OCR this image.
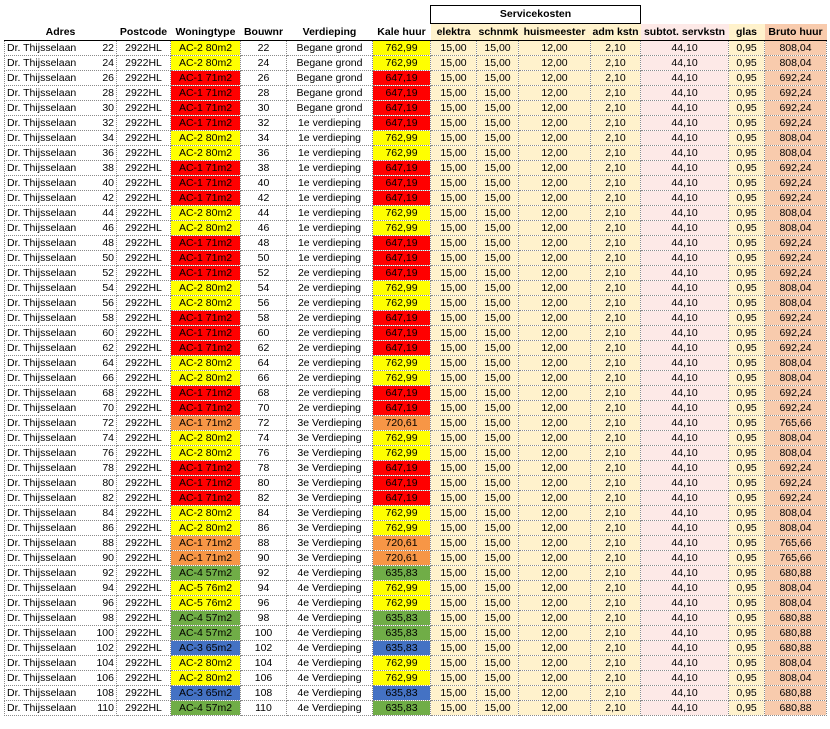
						Servicekosten						
Adres	Postcode	Woningtype	Bouwnr	Verdieping	Kale huur	elektra	schnmk	huismeester	adm kstn	subtot. servkstn	glas	Bruto huur
Dr. Thijsselaan 22	2922HL	AC-2 80m2	22	Begane grond	762,99	15,00	15,00	12,00	2,10	44,10	0,95	808,04
Dr. Thijsselaan 24	2922HL	AC-2 80m2	24	Begane grond	762,99	15,00	15,00	12,00	2,10	44,10	0,95	808,04
Dr. Thijsselaan 26	2922HL	AC-1 71m2	26	Begane grond	647,19	15,00	15,00	12,00	2,10	44,10	0,95	692,24
Dr. Thijsselaan 28	2922HL	AC-1 71m2	28	Begane grond	647,19	15,00	15,00	12,00	2,10	44,10	0,95	692,24
Dr. Thijsselaan 30	2922HL	AC-1 71m2	30	Begane grond	647,19	15,00	15,00	12,00	2,10	44,10	0,95	692,24
Dr. Thijsselaan 32	2922HL	AC-1 71m2	32	1e verdieping	647,19	15,00	15,00	12,00	2,10	44,10	0,95	692,24
Dr. Thijsselaan 34	2922HL	AC-2 80m2	34	1e verdieping	762,99	15,00	15,00	12,00	2,10	44,10	0,95	808,04
Dr. Thijsselaan 36	2922HL	AC-2 80m2	36	1e verdieping	762,99	15,00	15,00	12,00	2,10	44,10	0,95	808,04
Dr. Thijsselaan 38	2922HL	AC-1 71m2	38	1e verdieping	647,19	15,00	15,00	12,00	2,10	44,10	0,95	692,24
Dr. Thijsselaan 40	2922HL	AC-1 71m2	40	1e verdieping	647,19	15,00	15,00	12,00	2,10	44,10	0,95	692,24
Dr. Thijsselaan 42	2922HL	AC-1 71m2	42	1e verdieping	647,19	15,00	15,00	12,00	2,10	44,10	0,95	692,24
Dr. Thijsselaan 44	2922HL	AC-2 80m2	44	1e verdieping	762,99	15,00	15,00	12,00	2,10	44,10	0,95	808,04
Dr. Thijsselaan 46	2922HL	AC-2 80m2	46	1e verdieping	762,99	15,00	15,00	12,00	2,10	44,10	0,95	808,04
Dr. Thijsselaan 48	2922HL	AC-1 71m2	48	1e verdieping	647,19	15,00	15,00	12,00	2,10	44,10	0,95	692,24
Dr. Thijsselaan 50	2922HL	AC-1 71m2	50	1e verdieping	647,19	15,00	15,00	12,00	2,10	44,10	0,95	692,24
Dr. Thijsselaan 52	2922HL	AC-1 71m2	52	2e verdieping	647,19	15,00	15,00	12,00	2,10	44,10	0,95	692,24
Dr. Thijsselaan 54	2922HL	AC-2 80m2	54	2e verdieping	762,99	15,00	15,00	12,00	2,10	44,10	0,95	808,04
Dr. Thijsselaan 56	2922HL	AC-2 80m2	56	2e verdieping	762,99	15,00	15,00	12,00	2,10	44,10	0,95	808,04
Dr. Thijsselaan 58	2922HL	AC-1 71m2	58	2e verdieping	647,19	15,00	15,00	12,00	2,10	44,10	0,95	692,24
Dr. Thijsselaan 60	2922HL	AC-1 71m2	60	2e verdieping	647,19	15,00	15,00	12,00	2,10	44,10	0,95	692,24
Dr. Thijsselaan 62	2922HL	AC-1 71m2	62	2e verdieping	647,19	15,00	15,00	12,00	2,10	44,10	0,95	692,24
Dr. Thijsselaan 64	2922HL	AC-2 80m2	64	2e verdieping	762,99	15,00	15,00	12,00	2,10	44,10	0,95	808,04
Dr. Thijsselaan 66	2922HL	AC-2 80m2	66	2e verdieping	762,99	15,00	15,00	12,00	2,10	44,10	0,95	808,04
Dr. Thijsselaan 68	2922HL	AC-1 71m2	68	2e verdieping	647,19	15,00	15,00	12,00	2,10	44,10	0,95	692,24
Dr. Thijsselaan 70	2922HL	AC-1 71m2	70	2e verdieping	647,19	15,00	15,00	12,00	2,10	44,10	0,95	692,24
Dr. Thijsselaan 72	2922HL	AC-1 71m2	72	3e Verdieping	720,61	15,00	15,00	12,00	2,10	44,10	0,95	765,66
Dr. Thijsselaan 74	2922HL	AC-2 80m2	74	3e Verdieping	762,99	15,00	15,00	12,00	2,10	44,10	0,95	808,04
Dr. Thijsselaan 76	2922HL	AC-2 80m2	76	3e Verdieping	762,99	15,00	15,00	12,00	2,10	44,10	0,95	808,04
Dr. Thijsselaan 78	2922HL	AC-1 71m2	78	3e Verdieping	647,19	15,00	15,00	12,00	2,10	44,10	0,95	692,24
Dr. Thijsselaan 80	2922HL	AC-1 71m2	80	3e Verdieping	647,19	15,00	15,00	12,00	2,10	44,10	0,95	692,24
Dr. Thijsselaan 82	2922HL	AC-1 71m2	82	3e Verdieping	647,19	15,00	15,00	12,00	2,10	44,10	0,95	692,24
Dr. Thijsselaan 84	2922HL	AC-2 80m2	84	3e Verdieping	762,99	15,00	15,00	12,00	2,10	44,10	0,95	808,04
Dr. Thijsselaan 86	2922HL	AC-2 80m2	86	3e Verdieping	762,99	15,00	15,00	12,00	2,10	44,10	0,95	808,04
Dr. Thijsselaan 88	2922HL	AC-1 71m2	88	3e Verdieping	720,61	15,00	15,00	12,00	2,10	44,10	0,95	765,66
Dr. Thijsselaan 90	2922HL	AC-1 71m2	90	3e Verdieping	720,61	15,00	15,00	12,00	2,10	44,10	0,95	765,66
Dr. Thijsselaan 92	2922HL	AC-4 57m2	92	4e Verdieping	635,83	15,00	15,00	12,00	2,10	44,10	0,95	680,88
Dr. Thijsselaan 94	2922HL	AC-5 76m2	94	4e Verdieping	762,99	15,00	15,00	12,00	2,10	44,10	0,95	808,04
Dr. Thijsselaan 96	2922HL	AC-5 76m2	96	4e Verdieping	762,99	15,00	15,00	12,00	2,10	44,10	0,95	808,04
Dr. Thijsselaan 98	2922HL	AC-4 57m2	98	4e Verdieping	635,83	15,00	15,00	12,00	2,10	44,10	0,95	680,88
Dr. Thijsselaan 100	2922HL	AC-4 57m2	100	4e Verdieping	635,83	15,00	15,00	12,00	2,10	44,10	0,95	680,88
Dr. Thijsselaan 102	2922HL	AC-3 65m2	102	4e Verdieping	635,83	15,00	15,00	12,00	2,10	44,10	0,95	680,88
Dr. Thijsselaan 104	2922HL	AC-2 80m2	104	4e Verdieping	762,99	15,00	15,00	12,00	2,10	44,10	0,95	808,04
Dr. Thijsselaan 106	2922HL	AC-2 80m2	106	4e Verdieping	762,99	15,00	15,00	12,00	2,10	44,10	0,95	808,04
Dr. Thijsselaan 108	2922HL	AC-3 65m2	108	4e Verdieping	635,83	15,00	15,00	12,00	2,10	44,10	0,95	680,88
Dr. Thijsselaan 110	2922HL	AC-4 57m2	110	4e Verdieping	635,83	15,00	15,00	12,00	2,10	44,10	0,95	680,88
